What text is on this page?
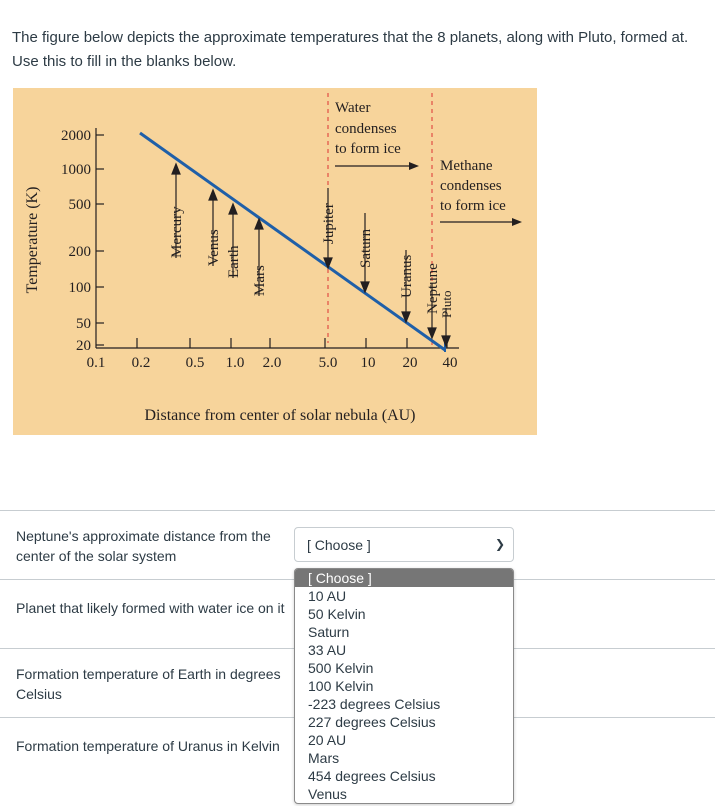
The figure below depicts the approximate temperatures that the 8 planets, along with Pluto, formed at. Use this to fill in the blanks below.
2000
1000
500
200
100
50
20
0.1 0.2 0.5 1.0 2.0 5.0 10 20 40
Distance from center of solar nebula (AU)
Temperature (K)
Water
condenses
to form ice
Methane
condenses
to form ice
Mercury Venus Earth
Mars
Jupiter
Saturn
Uranus Neptune
Pluto
Neptune's approximate distance from the center of the solar system
Planet that likely formed with water ice on it
Formation temperature of Earth in degrees Celsius
Formation temperature of Uranus in Kelvin
[ Choose ]	❯
[ Choose ]
10 AU
50 Kelvin
Saturn
33 AU
500 Kelvin
100 Kelvin
-223 degrees Celsius
227 degrees Celsius
20 AU
Mars
454 degrees Celsius
Venus
